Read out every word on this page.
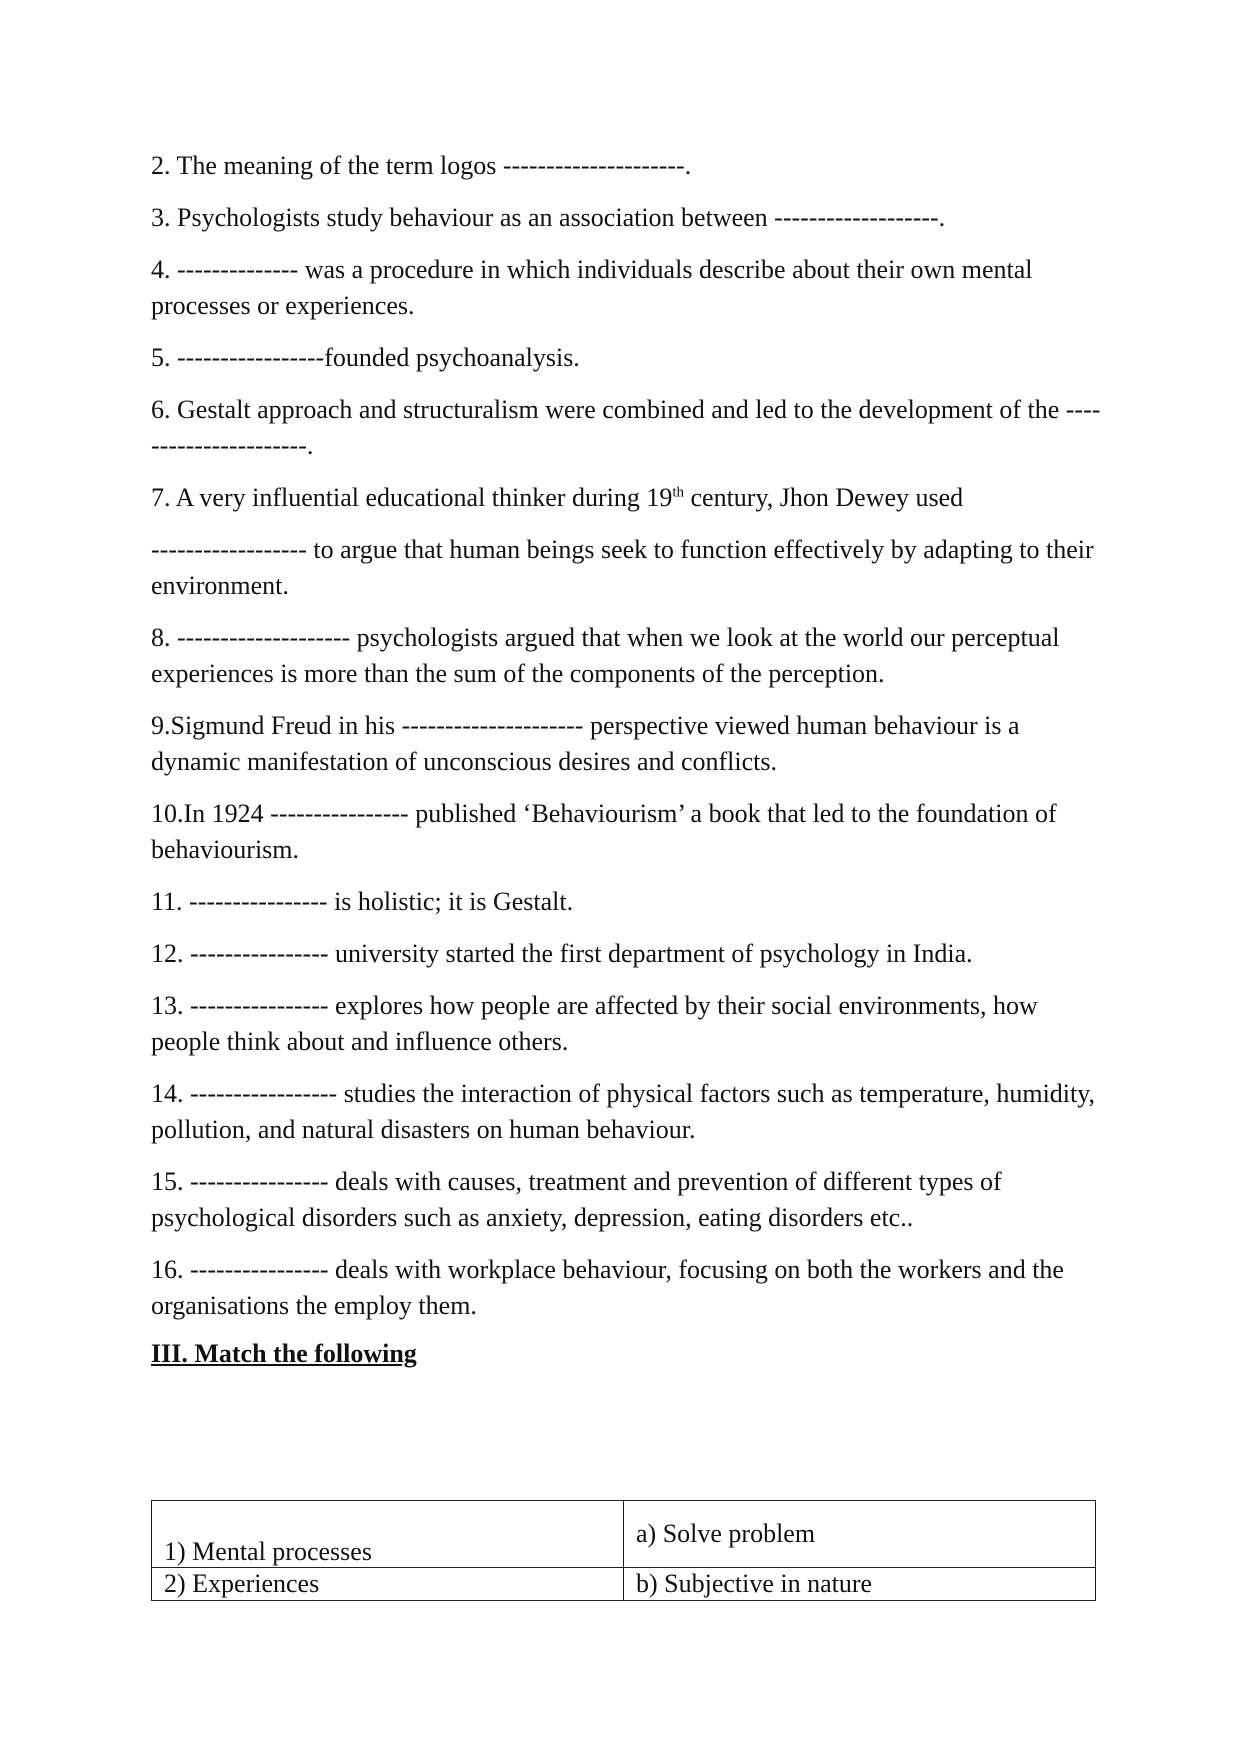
2. The meaning of the term logos ---------------------.

3. Psychologists study behaviour as an association between -------------------.

4. -------------- was a procedure in which individuals describe about their own mental processes or experiences.

5. -----------------founded psychoanalysis.

6. Gestalt approach and structuralism were combined and led to the development of the ----------------------.

7. A very influential educational thinker during 19th century, Jhon Dewey used

------------------ to argue that human beings seek to function effectively by adapting to their environment.

8. -------------------- psychologists argued that when we look at the world our perceptual experiences is more than the sum of the components of the perception.

9.Sigmund Freud in his --------------------- perspective viewed human behaviour is a dynamic manifestation of unconscious desires and conflicts.

10.In 1924 ---------------- published ‘Behaviourism’ a book that led to the foundation of behaviourism.

11. ---------------- is holistic; it is Gestalt.

12. ---------------- university started the first department of psychology in India.

13. ---------------- explores how people are affected by their social environments, how people think about and influence others.

14. ----------------- studies the interaction of physical factors such as temperature, humidity, pollution, and natural disasters on human behaviour.

15. ---------------- deals with causes, treatment and prevention of different types of psychological disorders such as anxiety, depression, eating disorders etc..

16. ---------------- deals with workplace behaviour, focusing on both the workers and the organisations the employ them.

III. Match the following

1) Mental processes	a) Solve problem
2) Experiences	b) Subjective in nature
